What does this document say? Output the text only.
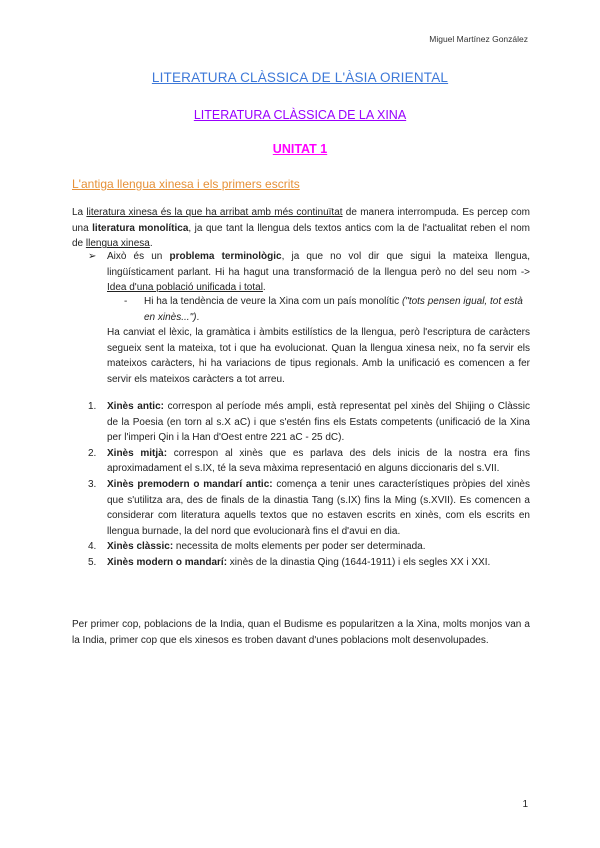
Miguel Martínez González
LITERATURA CLÀSSICA DE L'ÀSIA ORIENTAL
LITERATURA CLÀSSICA DE LA XINA
UNITAT 1
L'antiga llengua xinesa i els primers escrits
La literatura xinesa és la que ha arribat amb més continuïtat de manera interrompuda. Es percep com una literatura monolítica, ja que tant la llengua dels textos antics com la de l'actualitat reben el nom de llengua xinesa.
➢ Això és un problema terminològic, ja que no vol dir que sigui la mateixa llengua, lingüísticament parlant. Hi ha hagut una transformació de la llengua però no del seu nom -> Idea d'una població unificada i total.
- Hi ha la tendència de veure la Xina com un país monolític ("tots pensen igual, tot està en xinès...").
Ha canviat el lèxic, la gramàtica i àmbits estilístics de la llengua, però l'escriptura de caràcters segueix sent la mateixa, tot i que ha evolucionat. Quan la llengua xinesa neix, no fa servir els mateixos caràcters, hi ha variacions de tipus regionals. Amb la unificació es comencen a fer servir els mateixos caràcters a tot arreu.
1. Xinès antic: correspon al període més ampli, està representat pel xinès del Shijing o Clàssic de la Poesia (en torn al s.X aC) i que s'estén fins els Estats competents (unificació de la Xina per l'imperi Qin i la Han d'Oest entre 221 aC - 25 dC).
2. Xinès mitjà: correspon al xinès que es parlava des dels inicis de la nostra era fins aproximadament el s.IX, té la seva màxima representació en alguns diccionaris del s.VII.
3. Xinès premodern o mandarí antic: comença a tenir unes característiques pròpies del xinès que s'utilitza ara, des de finals de la dinastia Tang (s.IX) fins la Ming (s.XVII). Es comencen a considerar com literatura aquells textos que no estaven escrits en xinès, com els escrits en llengua burnade, la del nord que evolucionarà fins el d'avui en dia.
4. Xinès clàssic: necessita de molts elements per poder ser determinada.
5. Xinès modern o mandarí: xinès de la dinastia Qing (1644-1911) i els segles XX i XXI.
Per primer cop, poblacions de la India, quan el Budisme es popularitzen a la Xina, molts monjos van a la India, primer cop que els xinesos es troben davant d'unes poblacions molt desenvolupades.
1
